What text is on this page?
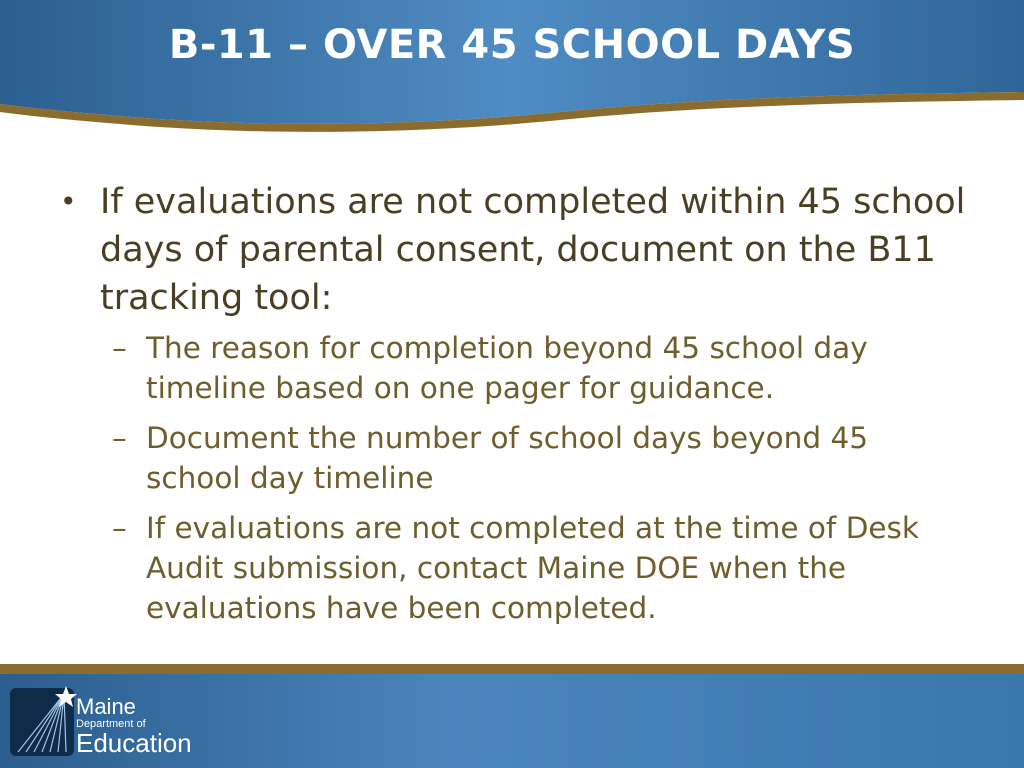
B-11 – OVER 45 SCHOOL DAYS
• If evaluations are not completed within 45 school days of parental consent, document on the B11 tracking tool:
– The reason for completion beyond 45 school day timeline based on one pager for guidance.
– Document the number of school days beyond 45 school day timeline
– If evaluations are not completed at the time of Desk Audit submission, contact Maine DOE when the evaluations have been completed.
Maine
Department of
Education
